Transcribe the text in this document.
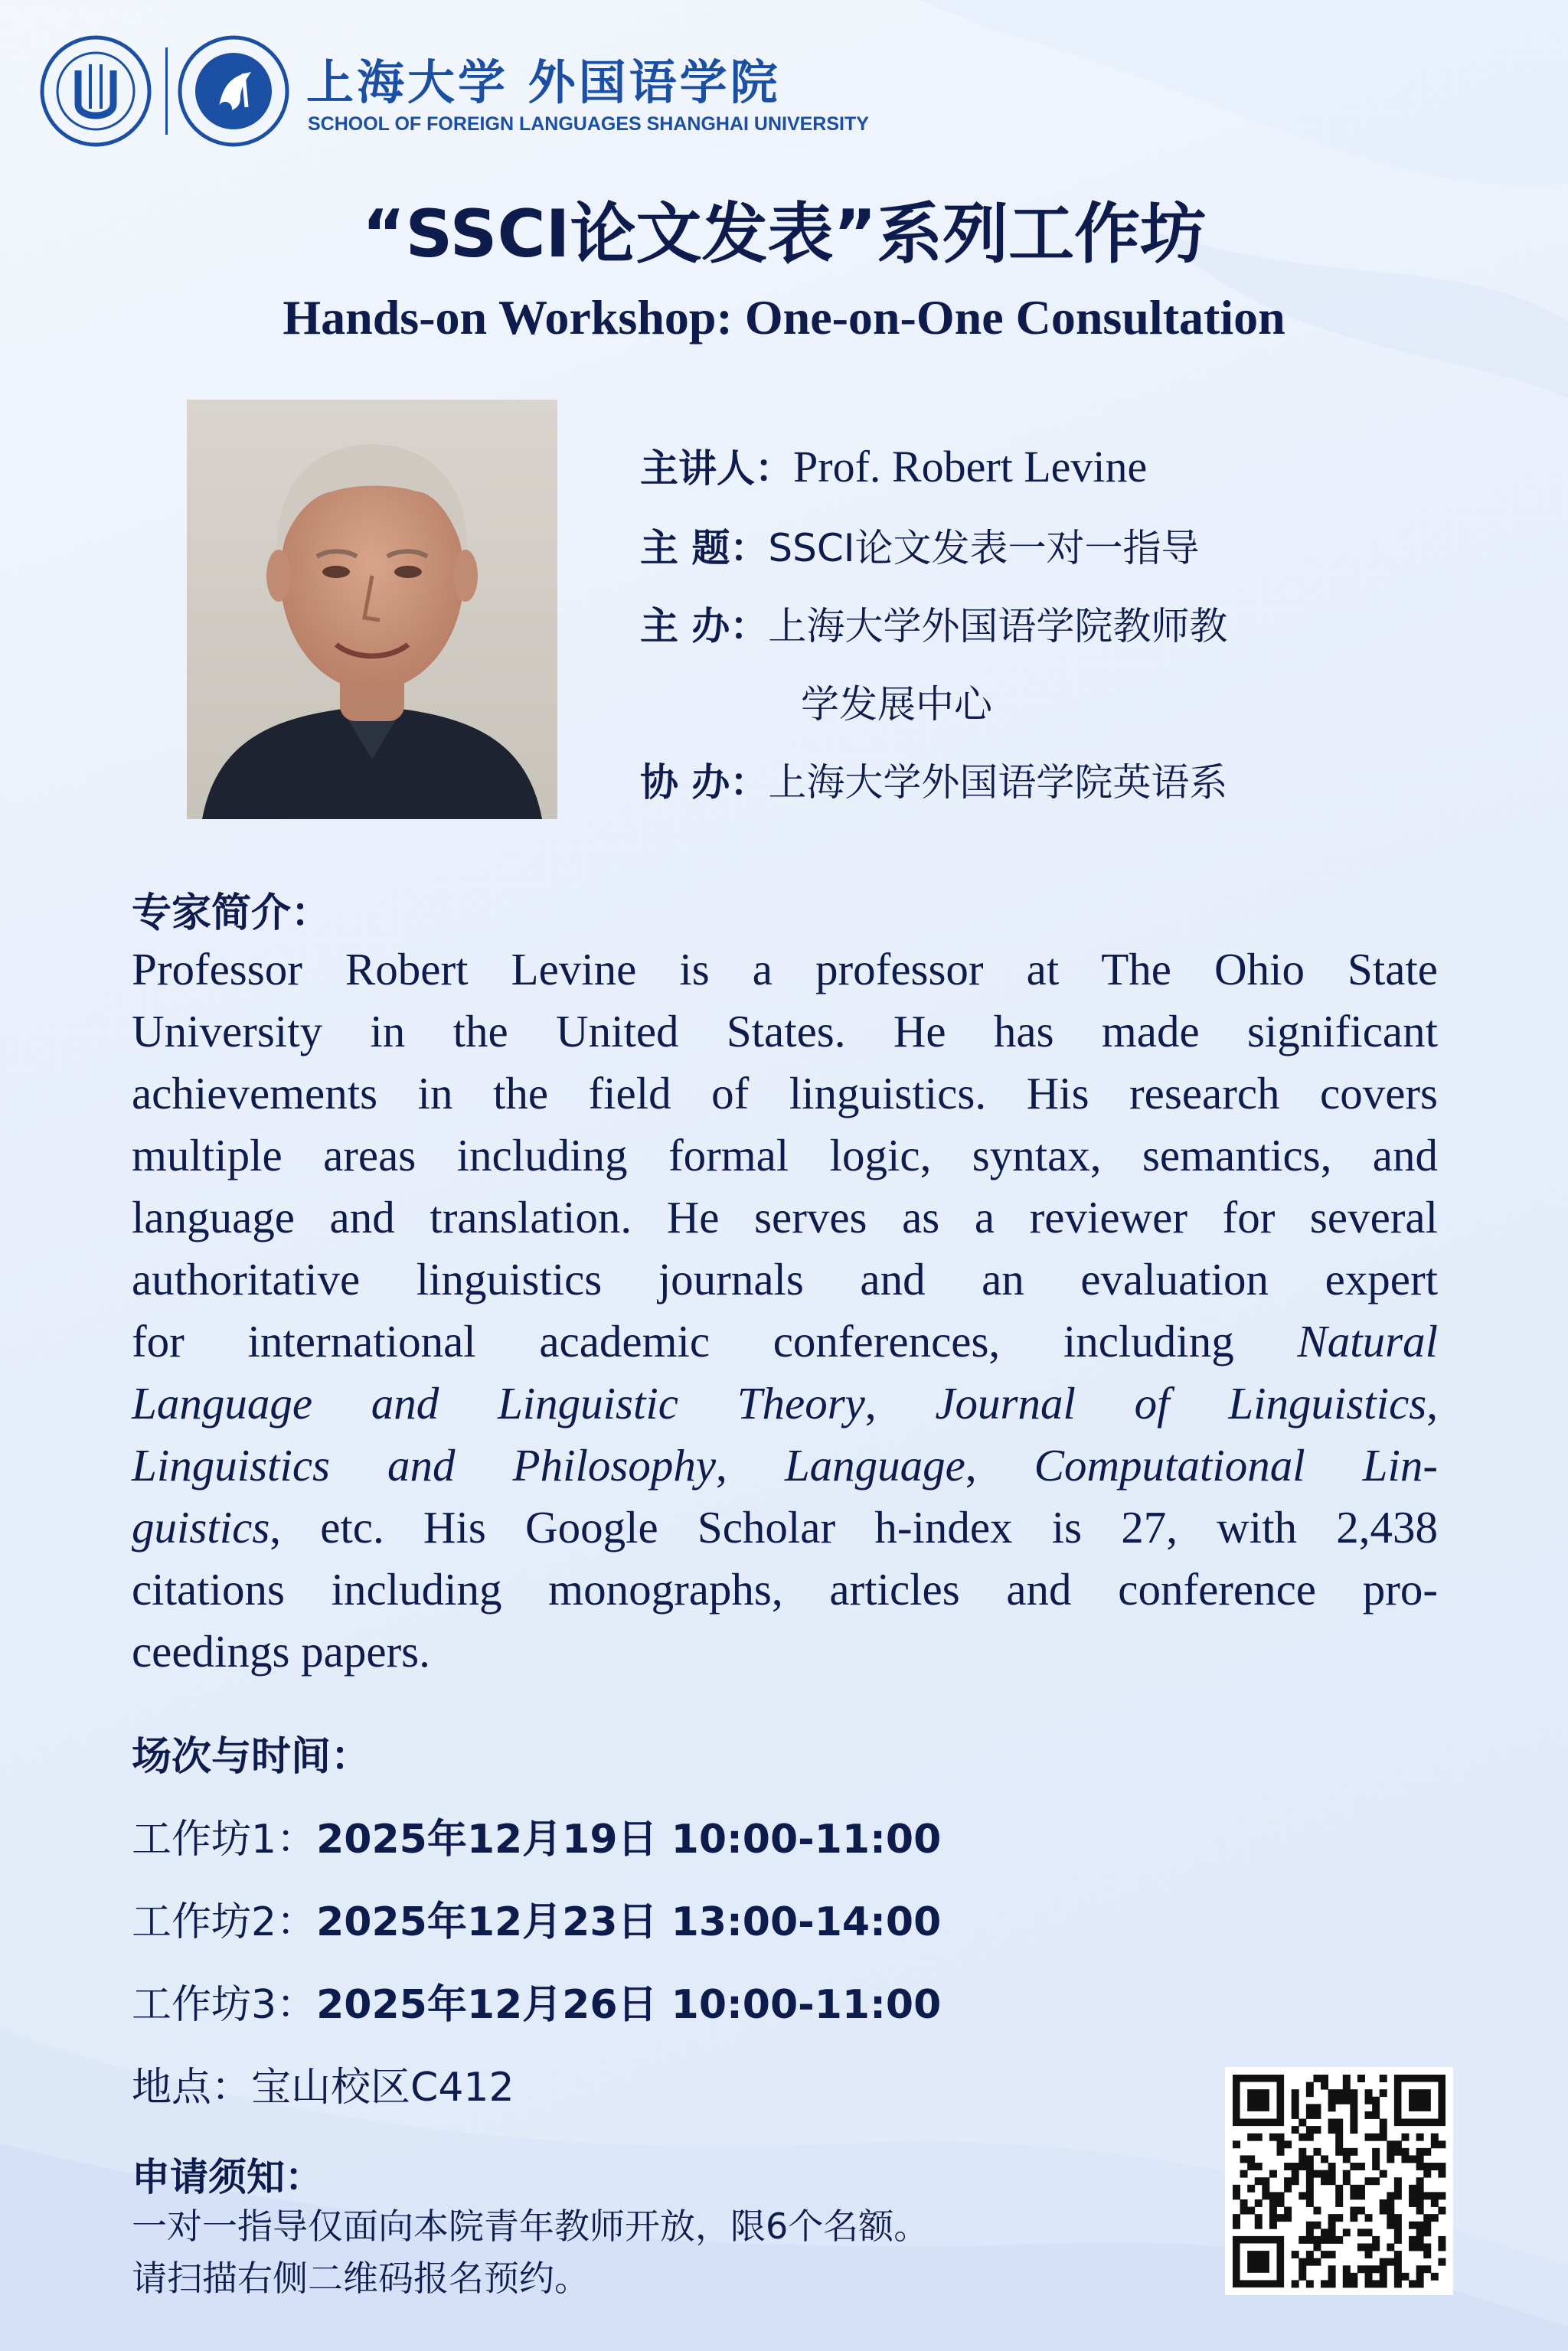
上海大学 外国语学院
SCHOOL OF FOREIGN LANGUAGES SHANGHAI UNIVERSITY
“SSCI论文发表”系列工作坊
Hands-on Workshop: One-on-One Consultation
主讲人：Prof. Robert Levine
主 题：SSCI论文发表一对一指导
主 办：上海大学外国语学院教师教
学发展中心
协 办：上海大学外国语学院英语系
专家简介：
Professor Robert Levine is a professor at The Ohio State
University in the United States. He has made significant
achievements in the field of linguistics. His research covers
multiple areas including formal logic, syntax, semantics, and
language and translation. He serves as a reviewer for several
authoritative linguistics journals and an evaluation expert
for international academic conferences, including Natural
Language and Linguistic Theory, Journal of Linguistics,
Linguistics and Philosophy, Language, Computational Lin-
guistics, etc. His Google Scholar h-index is 27, with 2,438
citations including monographs, articles and conference pro-
ceedings papers.
场次与时间：
工作坊1：2025年12月19日 10:00-11:00
工作坊2：2025年12月23日 13:00-14:00
工作坊3：2025年12月26日 10:00-11:00
地点：宝山校区C412
申请须知：
一对一指导仅面向本院青年教师开放，限6个名额。
请扫描右侧二维码报名预约。
